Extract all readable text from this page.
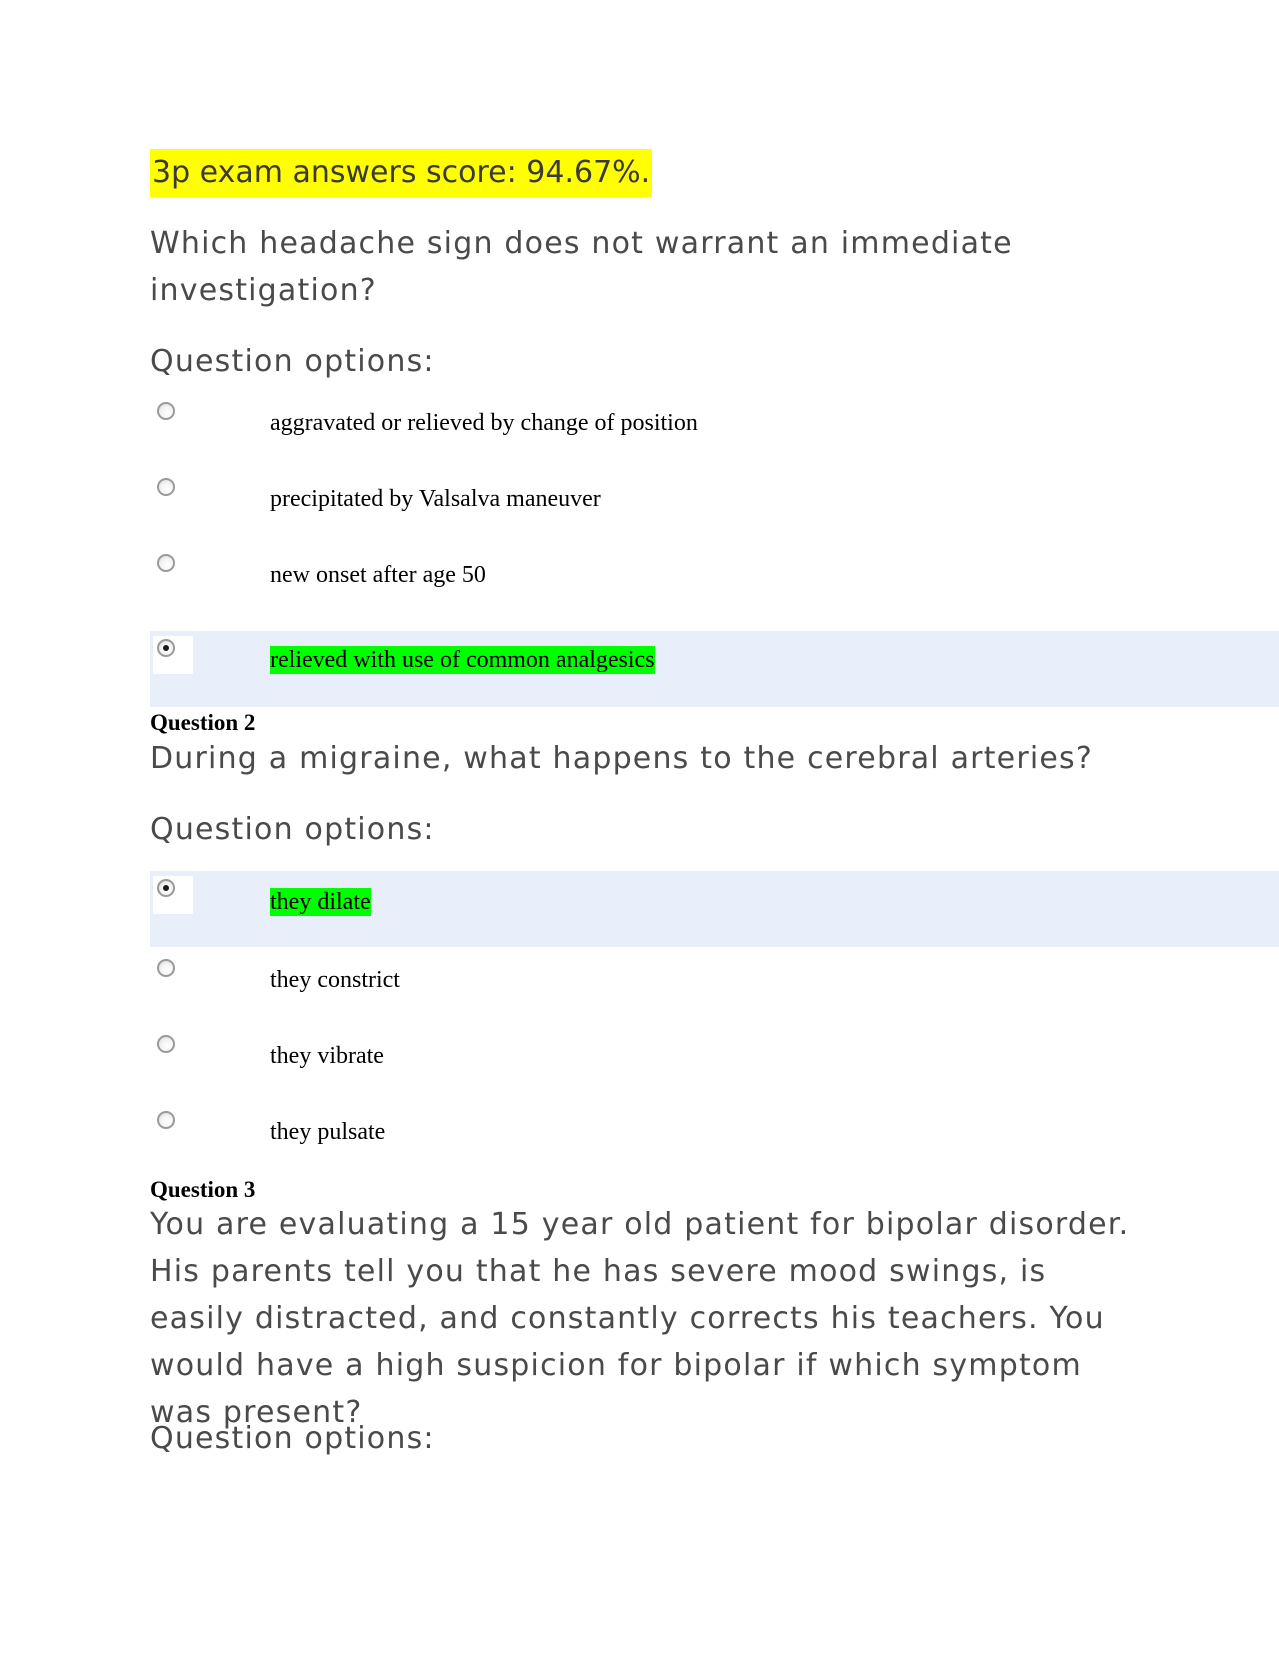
3p exam answers score: 94.67%.
Which headache sign does not warrant an immediate investigation?
Question options:
aggravated or relieved by change of position
precipitated by Valsalva maneuver
new onset after age 50
relieved with use of common analgesics
Question 2
During a migraine, what happens to the cerebral arteries?
Question options:
they dilate
they constrict
they vibrate
they pulsate
Question 3
You are evaluating a 15 year old patient for bipolar disorder. His parents tell you that he has severe mood swings, is easily distracted, and constantly corrects his teachers. You would have a high suspicion for bipolar if which symptom was present?
Question options:
